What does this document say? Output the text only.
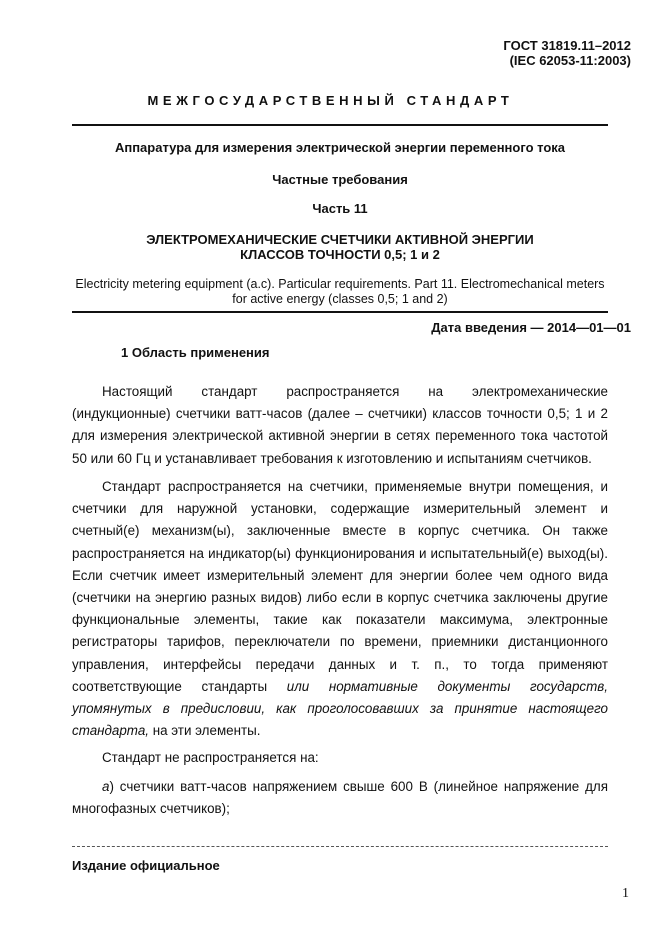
ГОСТ 31819.11–2012
(IEC 62053-11:2003)
МЕЖГОСУДАРСТВЕННЫЙ СТАНДАРТ
Аппаратура для измерения электрической энергии переменного тока
Частные требования
Часть 11
ЭЛЕКТРОМЕХАНИЧЕСКИЕ СЧЕТЧИКИ АКТИВНОЙ ЭНЕРГИИ
КЛАССОВ ТОЧНОСТИ 0,5; 1 и 2
Electricity metering equipment (a.c). Particular requirements. Part 11. Electromechanical meters
for active energy (classes 0,5; 1 and 2)
Дата введения — 2014—01—01
1 Область применения
Настоящий стандарт распространяется на электромеханические (индукционные) счетчики ватт-часов (далее – счетчики) классов точности 0,5; 1 и 2 для измерения электрической активной энергии в сетях переменного тока частотой 50 или 60 Гц и устанавливает требования к изготовлению и испытаниям счетчиков.
Стандарт распространяется на счетчики, применяемые внутри помещения, и счетчики для наружной установки, содержащие измерительный элемент и счетный(е) механизм(ы), заключенные вместе в корпус счетчика. Он также распространяется на индикатор(ы) функционирования и испытательный(е) выход(ы). Если счетчик имеет измерительный элемент для энергии более чем одного вида (счетчики на энергию разных видов) либо если в корпус счетчика заключены другие функциональные элементы, такие как показатели максимума, электронные регистраторы тарифов, переключатели по времени, приемники дистанционного управления, интерфейсы передачи данных и т. п., то тогда применяют соответствующие стандарты или нормативные документы государств, упомянутых в предисловии, как проголосовавших за принятие настоящего стандарта, на эти элементы.
Стандарт не распространяется на:
а) счетчики ватт-часов напряжением свыше 600 В (линейное напряжение для многофазных счетчиков);
Издание официальное
1
